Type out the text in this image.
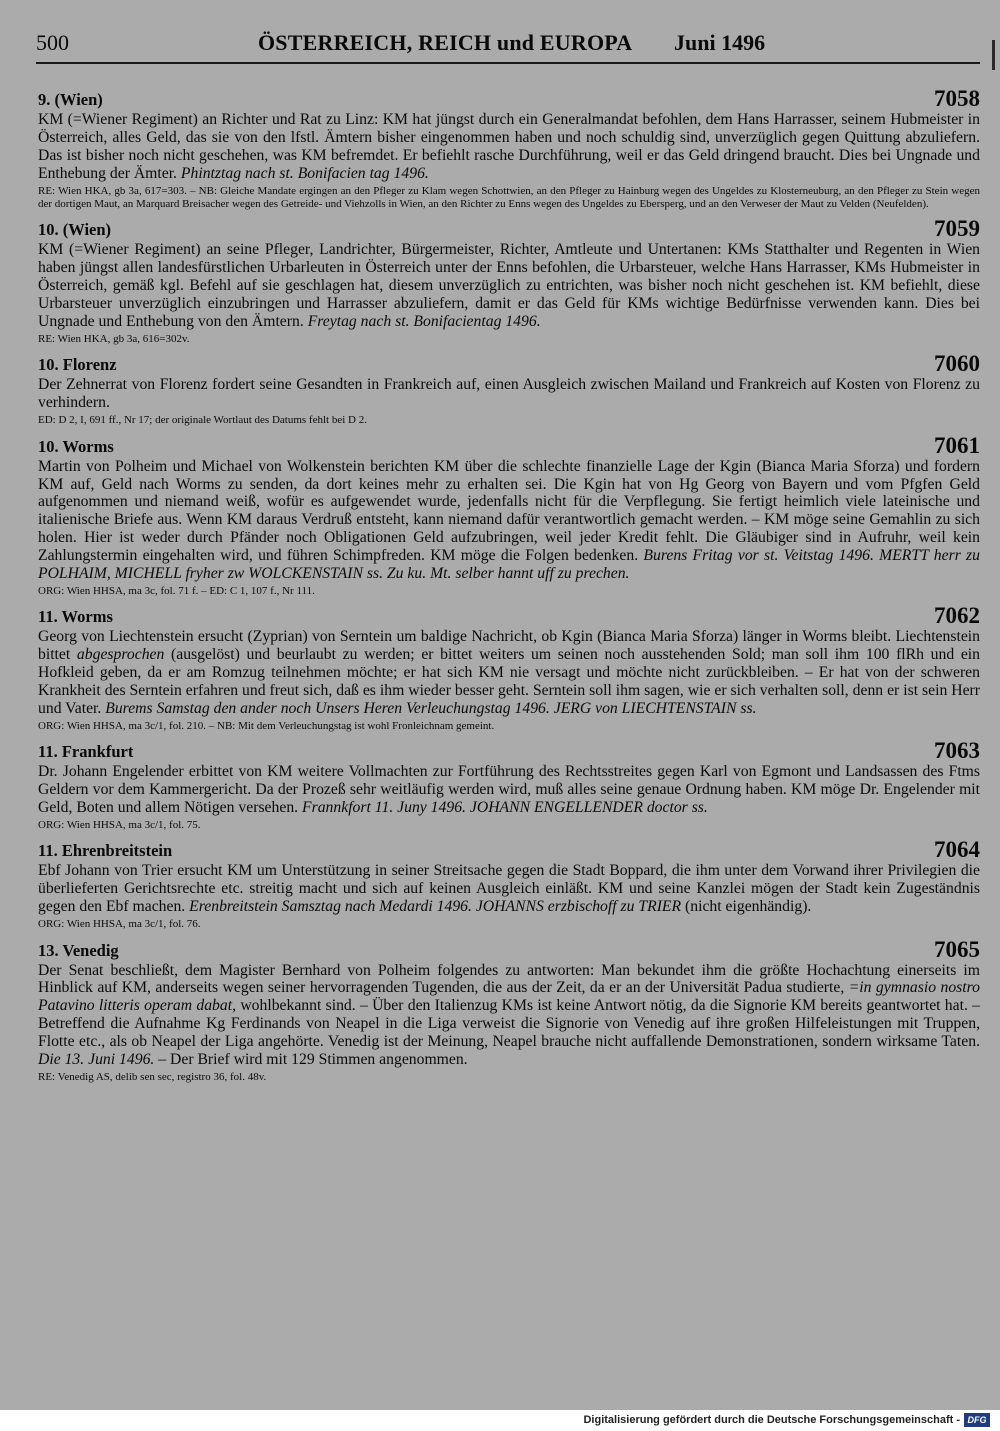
500	ÖSTERREICH, REICH und EUROPA Juni 1496
9. (Wien)	7058

KM (=Wiener Regiment) an Richter und Rat zu Linz: KM hat jüngst durch ein Generalmandat befohlen, dem Hans Harrasser, seinem Hubmeister in Österreich, alles Geld, das sie von den lfstl. Ämtern bisher eingenommen haben und noch schuldig sind, unverzüglich gegen Quittung abzuliefern. Das ist bisher noch nicht geschehen, was KM befremdet. Er befiehlt rasche Durchführung, weil er das Geld dringend braucht. Dies bei Ungnade und Enthebung der Ämter. Phintztag nach st. Bonifacien tag 1496.

RE: Wien HKA, gb 3a, 617=303. – NB: Gleiche Mandate ergingen an den Pfleger zu Klam wegen Schottwien, an den Pfleger zu Hainburg wegen des Ungeldes zu Klosterneuburg, an den Pfleger zu Stein wegen der dortigen Maut, an Marquard Breisacher wegen des Getreide- und Viehzolls in Wien, an den Richter zu Enns wegen des Ungeldes zu Ebersperg, und an den Verweser der Maut zu Velden (Neufelden).

10. (Wien)	7059

KM (=Wiener Regiment) an seine Pfleger, Landrichter, Bürgermeister, Richter, Amtleute und Untertanen: KMs Statthalter und Regenten in Wien haben jüngst allen landesfürstlichen Urbarleuten in Österreich unter der Enns befohlen, die Urbarsteuer, welche Hans Harrasser, KMs Hubmeister in Österreich, gemäß kgl. Befehl auf sie geschlagen hat, diesem unverzüglich zu entrichten, was bisher noch nicht geschehen ist. KM befiehlt, diese Urbarsteuer unverzüglich einzubringen und Harrasser abzuliefern, damit er das Geld für KMs wichtige Bedürfnisse verwenden kann. Dies bei Ungnade und Enthebung von den Ämtern. Freytag nach st. Bonifacientag 1496.

RE: Wien HKA, gb 3a, 616=302v.

10. Florenz	7060

Der Zehnerrat von Florenz fordert seine Gesandten in Frankreich auf, einen Ausgleich zwischen Mailand und Frankreich auf Kosten von Florenz zu verhindern.

ED: D 2, I, 691 ff., Nr 17; der originale Wortlaut des Datums fehlt bei D 2.

10. Worms	7061

Martin von Polheim und Michael von Wolkenstein berichten KM über die schlechte finanzielle Lage der Kgin (Bianca Maria Sforza) und fordern KM auf, Geld nach Worms zu senden, da dort keines mehr zu erhalten sei. Die Kgin hat von Hg Georg von Bayern und vom Pfgfen Geld aufgenommen und niemand weiß, wofür es aufgewendet wurde, jedenfalls nicht für die Verpflegung. Sie fertigt heimlich viele lateinische und italienische Briefe aus. Wenn KM daraus Verdruß entsteht, kann niemand dafür verantwortlich gemacht werden. – KM möge seine Gemahlin zu sich holen. Hier ist weder durch Pfänder noch Obligationen Geld aufzubringen, weil jeder Kredit fehlt. Die Gläubiger sind in Aufruhr, weil kein Zahlungstermin eingehalten wird, und führen Schimpfreden. KM möge die Folgen bedenken. Burens Fritag vor st. Veitstag 1496. MERTT herr zu POLHAIM, MICHELL fryher zw WOLCKENSTAIN ss. Zu ku. Mt. selber hannt uff zu prechen.

ORG: Wien HHSA, ma 3c, fol. 71 f. – ED: C 1, 107 f., Nr 111.

11. Worms	7062

Georg von Liechtenstein ersucht (Zyprian) von Serntein um baldige Nachricht, ob Kgin (Bianca Maria Sforza) länger in Worms bleibt. Liechtenstein bittet abgesprochen (ausgelöst) und beurlaubt zu werden; er bittet weiters um seinen noch ausstehenden Sold; man soll ihm 100 flRh und ein Hofkleid geben, da er am Romzug teilnehmen möchte; er hat sich KM nie versagt und möchte nicht zurückbleiben. – Er hat von der schweren Krankheit des Serntein erfahren und freut sich, daß es ihm wieder besser geht. Serntein soll ihm sagen, wie er sich verhalten soll, denn er ist sein Herr und Vater. Burems Samstag den ander noch Unsers Heren Verleuchungstag 1496. JERG von LIECHTENSTAIN ss.

ORG: Wien HHSA, ma 3c/1, fol. 210. – NB: Mit dem Verleuchungstag ist wohl Fronleichnam gemeint.

11. Frankfurt	7063

Dr. Johann Engelender erbittet von KM weitere Vollmachten zur Fortführung des Rechtsstreites gegen Karl von Egmont und Landsassen des Ftms Geldern vor dem Kammergericht. Da der Prozeß sehr weitläufig werden wird, muß alles seine genaue Ordnung haben. KM möge Dr. Engelender mit Geld, Boten und allem Nötigen versehen. Frannkfort 11. Juny 1496. JOHANN ENGELLENDER doctor ss.

ORG: Wien HHSA, ma 3c/1, fol. 75.

11. Ehrenbreitstein	7064

Ebf Johann von Trier ersucht KM um Unterstützung in seiner Streitsache gegen die Stadt Boppard, die ihm unter dem Vorwand ihrer Privilegien die überlieferten Gerichtsrechte etc. streitig macht und sich auf keinen Ausgleich einläßt. KM und seine Kanzlei mögen der Stadt kein Zugeständnis gegen den Ebf machen. Erenbreitstein Samsztag nach Medardi 1496. JOHANNS erzbischoff zu TRIER (nicht eigenhändig).

ORG: Wien HHSA, ma 3c/1, fol. 76.

13. Venedig	7065

Der Senat beschließt, dem Magister Bernhard von Polheim folgendes zu antworten: Man bekundet ihm die größte Hochachtung einerseits im Hinblick auf KM, anderseits wegen seiner hervorragenden Tugenden, die aus der Zeit, da er an der Universität Padua studierte, =in gymnasio nostro Patavino litteris operam dabat, wohlbekannt sind. – Über den Italienzug KMs ist keine Antwort nötig, da die Signorie KM bereits geantwortet hat. – Betreffend die Aufnahme Kg Ferdinands von Neapel in die Liga verweist die Signorie von Venedig auf ihre großen Hilfeleistungen mit Truppen, Flotte etc., als ob Neapel der Liga angehörte. Venedig ist der Meinung, Neapel brauche nicht auffallende Demonstrationen, sondern wirksame Taten. Die 13. Juni 1496. – Der Brief wird mit 129 Stimmen angenommen.

RE: Venedig AS, delib sen sec, registro 36, fol. 48v.

Digitalisierung gefördert durch die Deutsche Forschungsgemeinschaft - DFG
